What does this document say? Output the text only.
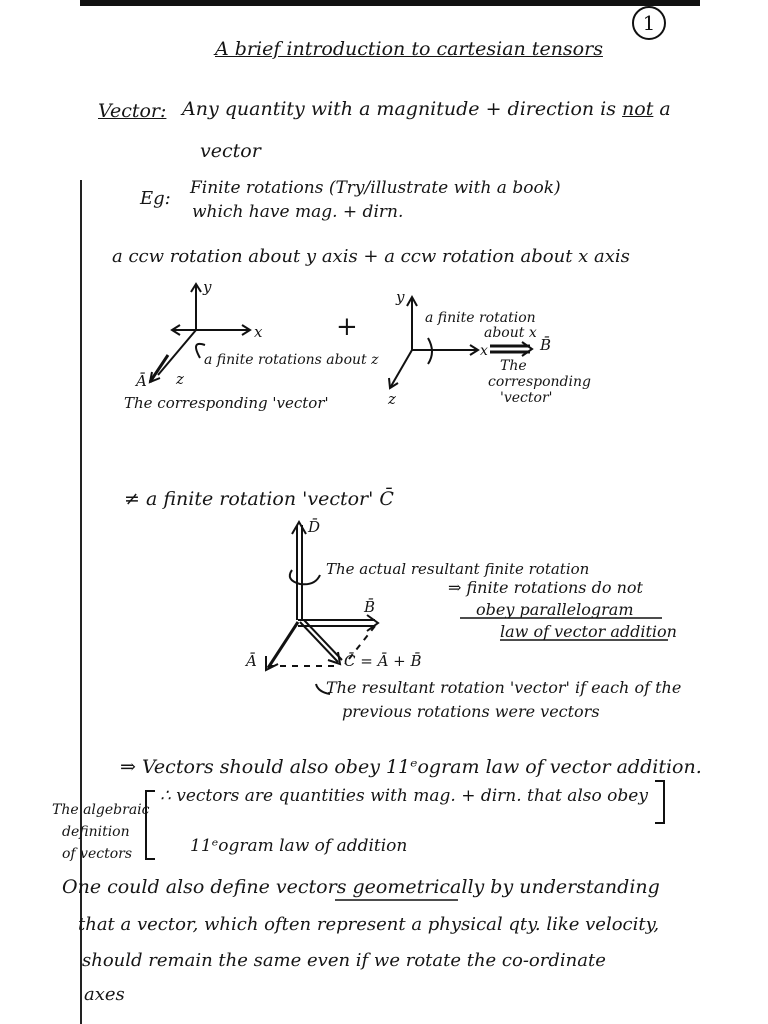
1
A brief introduction to cartesian tensors
Vector: Any quantity with a magnitude + direction is not a
vector
Eg: Finite rotations (Try/illustrate with a book)
which have mag. + dirn.
a ccw rotation about y axis + a ccw rotation about x axis
y
x
z
Ā
a finite rotations about z
The corresponding 'vector'
+
y
x
z
B̄
a finite rotation
about x
The
corresponding
'vector'
≠ a finite rotation 'vector' C̄
D̄
The actual resultant finite rotation
B̄
Ā	C̄ = Ā + B̄
⇒ finite rotations do not
obey parallelogram
law of vector addition
The resultant rotation 'vector' if each of the
previous rotations were vectors
⇒ Vectors should also obey 11ᵉogram law of vector addition.
The algebraic
definition
of vectors
∴ vectors are quantities with mag. + dirn. that also obey
11ᵉogram law of addition
One could also define vectors geometrically by understanding
that a vector, which often represent a physical qty. like velocity,
should remain the same even if we rotate the co-ordinate
axes
